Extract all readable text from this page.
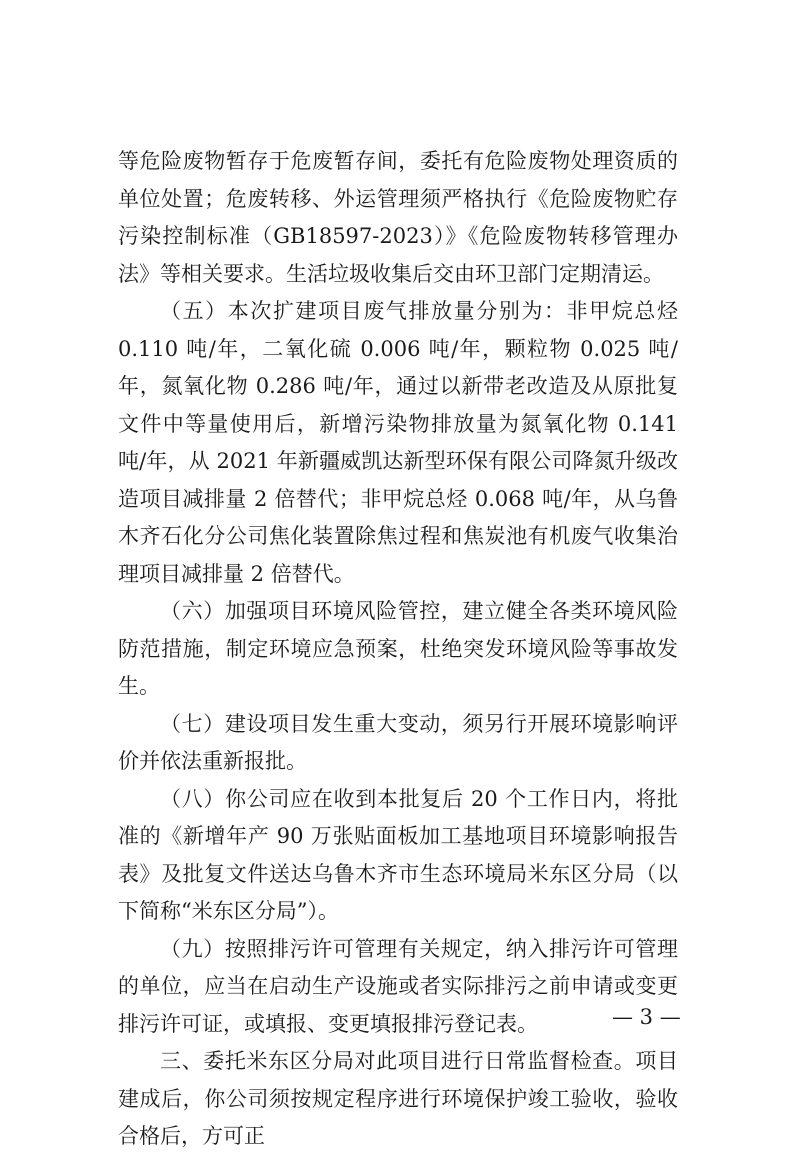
等危险废物暂存于危废暂存间，委托有危险废物处理资质的单位处置；危废转移、外运管理须严格执行《危险废物贮存污染控制标准（GB18597-2023）》《危险废物转移管理办法》等相关要求。生活垃圾收集后交由环卫部门定期清运。

（五）本次扩建项目废气排放量分别为：非甲烷总烃 0.110 吨/年，二氧化硫 0.006 吨/年，颗粒物 0.025 吨/年，氮氧化物 0.286 吨/年，通过以新带老改造及从原批复文件中等量使用后，新增污染物排放量为氮氧化物 0.141 吨/年，从 2021 年新疆威凯达新型环保有限公司降氮升级改造项目减排量 2 倍替代；非甲烷总烃 0.068 吨/年，从乌鲁木齐石化分公司焦化装置除焦过程和焦炭池有机废气收集治理项目减排量 2 倍替代。

（六）加强项目环境风险管控，建立健全各类环境风险防范措施，制定环境应急预案，杜绝突发环境风险等事故发生。

（七）建设项目发生重大变动，须另行开展环境影响评价并依法重新报批。

（八）你公司应在收到本批复后 20 个工作日内，将批准的《新增年产 90 万张贴面板加工基地项目环境影响报告表》及批复文件送达乌鲁木齐市生态环境局米东区分局（以下简称“米东区分局”）。

（九）按照排污许可管理有关规定，纳入排污许可管理的单位，应当在启动生产设施或者实际排污之前申请或变更排污许可证，或填报、变更填报排污登记表。

三、委托米东区分局对此项目进行日常监督检查。项目建成后，你公司须按规定程序进行环境保护竣工验收，验收合格后，方可正

— 3 —
